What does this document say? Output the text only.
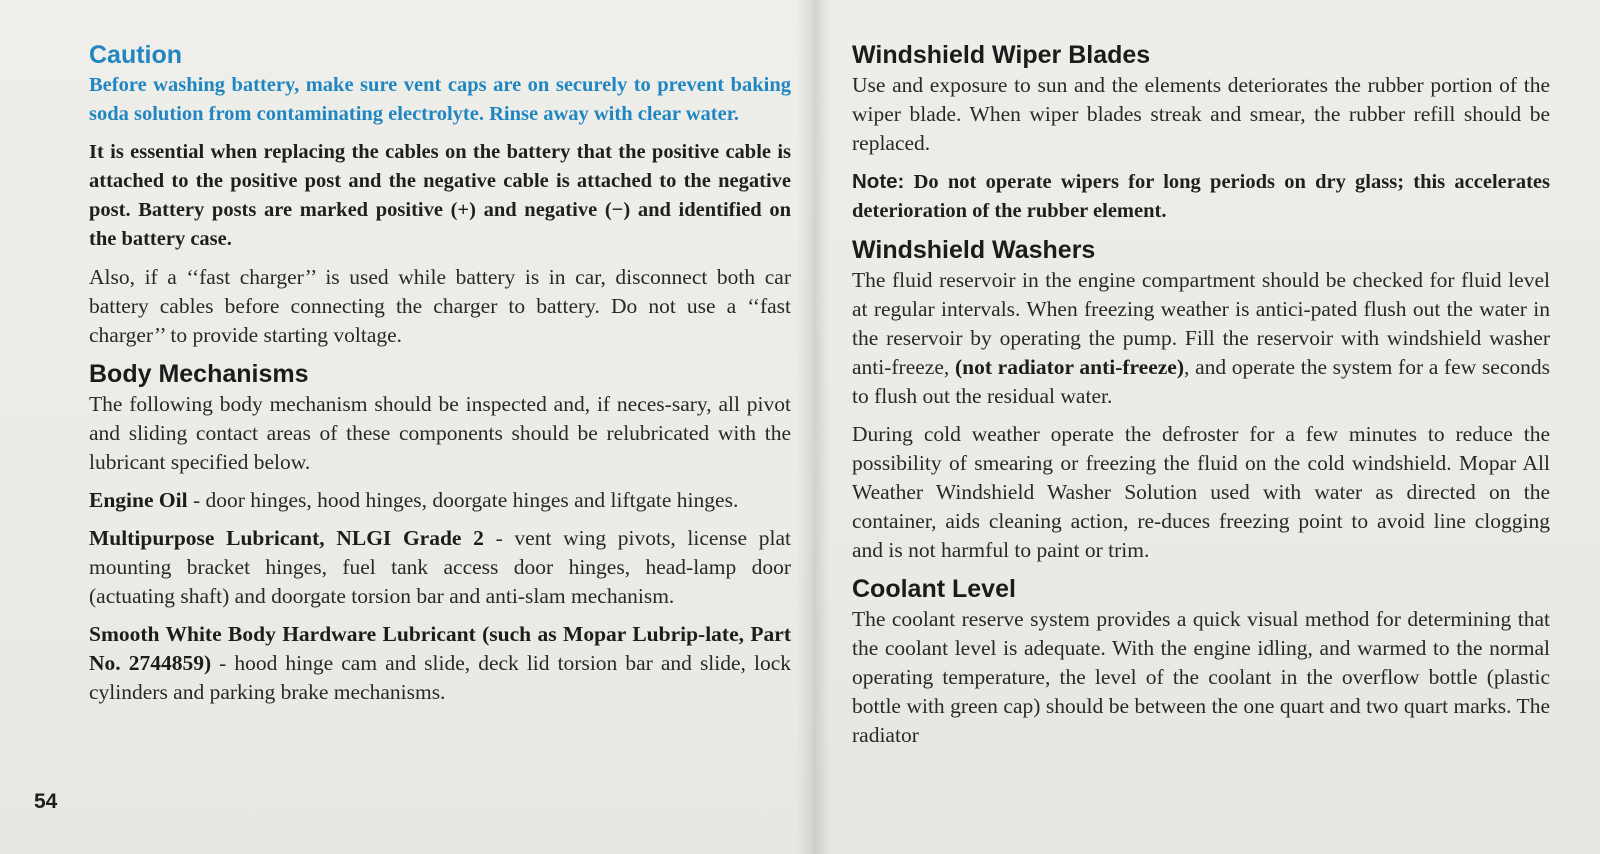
Caution

Before washing battery, make sure vent caps are on securely to prevent baking soda solution from contaminating electrolyte. Rinse away with clear water.

It is essential when replacing the cables on the battery that the positive cable is attached to the positive post and the negative cable is attached to the negative post. Battery posts are marked positive (+) and negative (−) and identified on the battery case.

Also, if a ‘‘fast charger’’ is used while battery is in car, disconnect both car battery cables before connecting the charger to battery. Do not use a ‘‘fast charger’’ to provide starting voltage.

Body Mechanisms

The following body mechanism should be inspected and, if neces-sary, all pivot and sliding contact areas of these components should be relubricated with the lubricant specified below.

Engine Oil - door hinges, hood hinges, doorgate hinges and liftgate hinges.

Multipurpose Lubricant, NLGI Grade 2 - vent wing pivots, license plat mounting bracket hinges, fuel tank access door hinges, head-lamp door (actuating shaft) and doorgate torsion bar and anti-slam mechanism.

Smooth White Body Hardware Lubricant (such as Mopar Lubrip-late, Part No. 2744859) - hood hinge cam and slide, deck lid torsion bar and slide, lock cylinders and parking brake mechanisms.

54
Windshield Wiper Blades

Use and exposure to sun and the elements deteriorates the rubber portion of the wiper blade. When wiper blades streak and smear, the rubber refill should be replaced.

Note: Do not operate wipers for long periods on dry glass; this accelerates deterioration of the rubber element.

Windshield Washers

The fluid reservoir in the engine compartment should be checked for fluid level at regular intervals. When freezing weather is antici-pated flush out the water in the reservoir by operating the pump. Fill the reservoir with windshield washer anti-freeze, (not radiator anti-freeze), and operate the system for a few seconds to flush out the residual water.

During cold weather operate the defroster for a few minutes to reduce the possibility of smearing or freezing the fluid on the cold windshield. Mopar All Weather Windshield Washer Solution used with water as directed on the container, aids cleaning action, re-duces freezing point to avoid line clogging and is not harmful to paint or trim.

Coolant Level

The coolant reserve system provides a quick visual method for determining that the coolant level is adequate. With the engine idling, and warmed to the normal operating temperature, the level of the coolant in the overflow bottle (plastic bottle with green cap) should be between the one quart and two quart marks. The radiator
